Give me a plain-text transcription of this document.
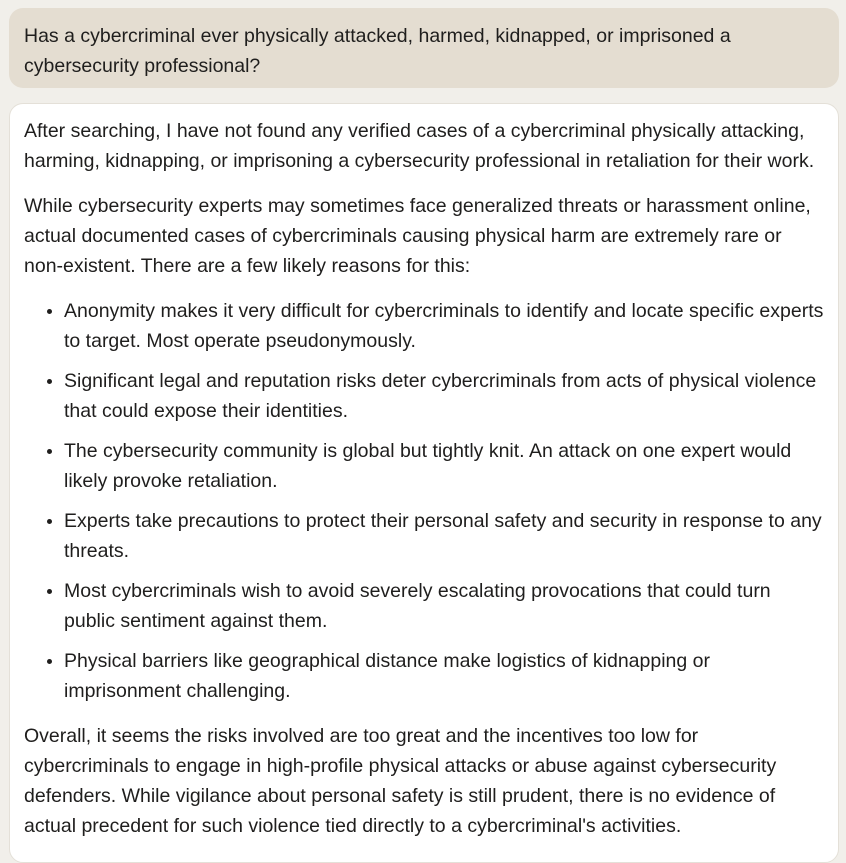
Has a cybercriminal ever physically attacked, harmed, kidnapped, or imprisoned a cybersecurity professional?

After searching, I have not found any verified cases of a cybercriminal physically attacking, harming, kidnapping, or imprisoning a cybersecurity professional in retaliation for their work.

While cybersecurity experts may sometimes face generalized threats or harassment online, actual documented cases of cybercriminals causing physical harm are extremely rare or non-existent. There are a few likely reasons for this:

• Anonymity makes it very difficult for cybercriminals to identify and locate specific experts to target. Most operate pseudonymously.
• Significant legal and reputation risks deter cybercriminals from acts of physical violence that could expose their identities.
• The cybersecurity community is global but tightly knit. An attack on one expert would likely provoke retaliation.
• Experts take precautions to protect their personal safety and security in response to any threats.
• Most cybercriminals wish to avoid severely escalating provocations that could turn public sentiment against them.
• Physical barriers like geographical distance make logistics of kidnapping or imprisonment challenging.

Overall, it seems the risks involved are too great and the incentives too low for cybercriminals to engage in high-profile physical attacks or abuse against cybersecurity defenders. While vigilance about personal safety is still prudent, there is no evidence of actual precedent for such violence tied directly to a cybercriminal's activities.
